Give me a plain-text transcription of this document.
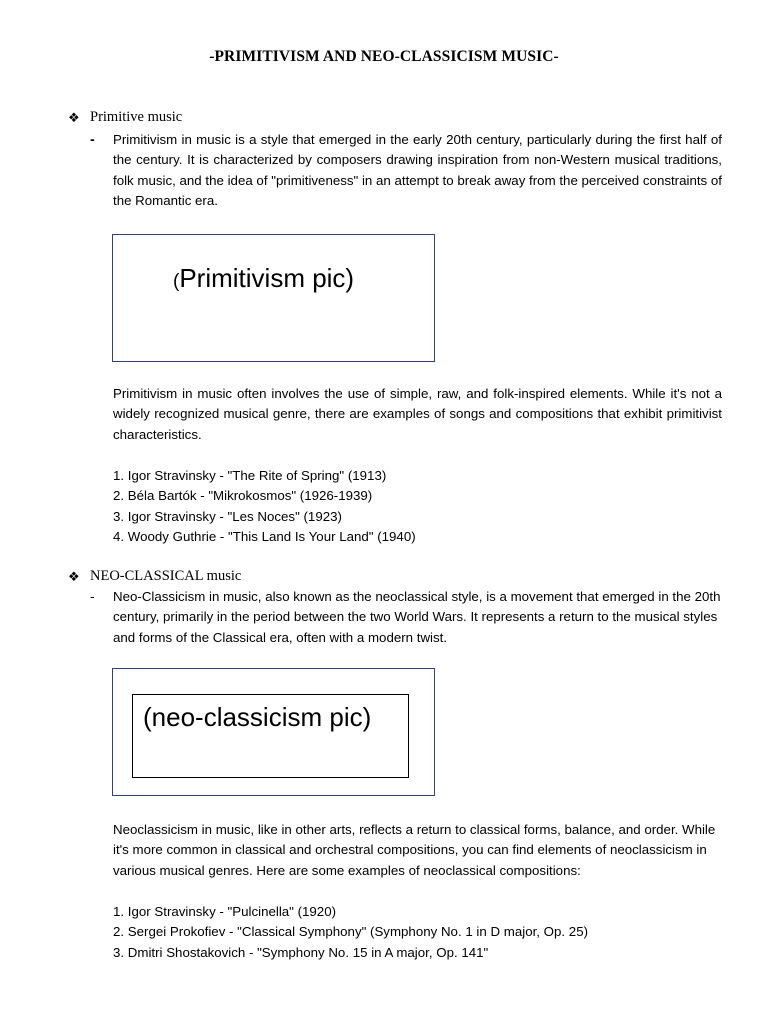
-PRIMITIVISM AND NEO-CLASSICISM MUSIC-
❖ Primitive music
- Primitivism in music is a style that emerged in the early 20th century, particularly during the first half of the century. It is characterized by composers drawing inspiration from non-Western musical traditions, folk music, and the idea of "primitiveness" in an attempt to break away from the perceived constraints of the Romantic era.
(Primitivism pic)
Primitivism in music often involves the use of simple, raw, and folk-inspired elements. While it's not a widely recognized musical genre, there are examples of songs and compositions that exhibit primitivist characteristics.
1. Igor Stravinsky - "The Rite of Spring" (1913)
2. Béla Bartók - "Mikrokosmos" (1926-1939)
3. Igor Stravinsky - "Les Noces" (1923)
4. Woody Guthrie - "This Land Is Your Land" (1940)
❖ NEO-CLASSICAL music
- Neo-Classicism in music, also known as the neoclassical style, is a movement that emerged in the 20th century, primarily in the period between the two World Wars. It represents a return to the musical styles and forms of the Classical era, often with a modern twist.
(neo-classicism pic)
Neoclassicism in music, like in other arts, reflects a return to classical forms, balance, and order. While it's more common in classical and orchestral compositions, you can find elements of neoclassicism in various musical genres. Here are some examples of neoclassical compositions:
1. Igor Stravinsky - "Pulcinella" (1920)
2. Sergei Prokofiev - "Classical Symphony" (Symphony No. 1 in D major, Op. 25)
3. Dmitri Shostakovich - "Symphony No. 15 in A major, Op. 141"
